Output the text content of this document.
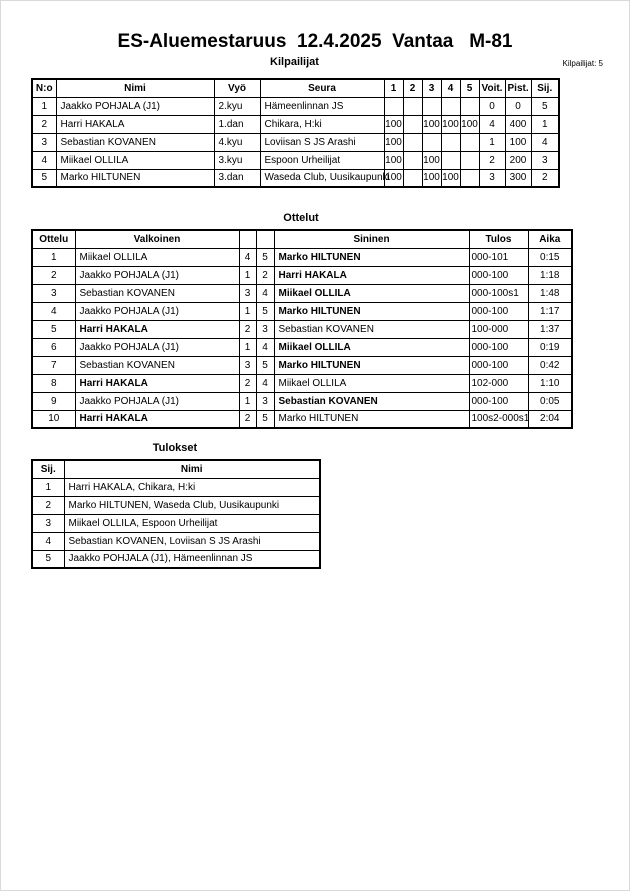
ES-Aluemestaruus  12.4.2025  Vantaa   M-81
Kilpailijat	Kilpailijat: 5
N:o	Nimi	Vyö	Seura	1	2	3	4	5	Voit.	Pist.	Sij.
1	Jaakko POHJALA (J1)	2.kyu	Hämeenlinnan JS						0	0	5
2	Harri HAKALA	1.dan	Chikara, H:ki	100		100	100	100	4	400	1
3	Sebastian KOVANEN	4.kyu	Loviisan S JS Arashi	100					1	100	4
4	Miikael OLLILA	3.kyu	Espoon Urheilijat	100		100			2	200	3
5	Marko HILTUNEN	3.dan	Waseda Club, Uusikaupunki	100		100	100		3	300	2
Ottelut
Ottelu	Valkoinen			Sininen	Tulos	Aika
1	Miikael OLLILA	4	5	Marko HILTUNEN	000-101	0:15
2	Jaakko POHJALA (J1)	1	2	Harri HAKALA	000-100	1:18
3	Sebastian KOVANEN	3	4	Miikael OLLILA	000-100s1	1:48
4	Jaakko POHJALA (J1)	1	5	Marko HILTUNEN	000-100	1:17
5	Harri HAKALA	2	3	Sebastian KOVANEN	100-000	1:37
6	Jaakko POHJALA (J1)	1	4	Miikael OLLILA	000-100	0:19
7	Sebastian KOVANEN	3	5	Marko HILTUNEN	000-100	0:42
8	Harri HAKALA	2	4	Miikael OLLILA	102-000	1:10
9	Jaakko POHJALA (J1)	1	3	Sebastian KOVANEN	000-100	0:05
10	Harri HAKALA	2	5	Marko HILTUNEN	100s2-000s1	2:04
Tulokset
Sij.	Nimi
1	Harri HAKALA, Chikara, H:ki
2	Marko HILTUNEN, Waseda Club, Uusikaupunki
3	Miikael OLLILA, Espoon Urheilijat
4	Sebastian KOVANEN, Loviisan S JS Arashi
5	Jaakko POHJALA (J1), Hämeenlinnan JS
